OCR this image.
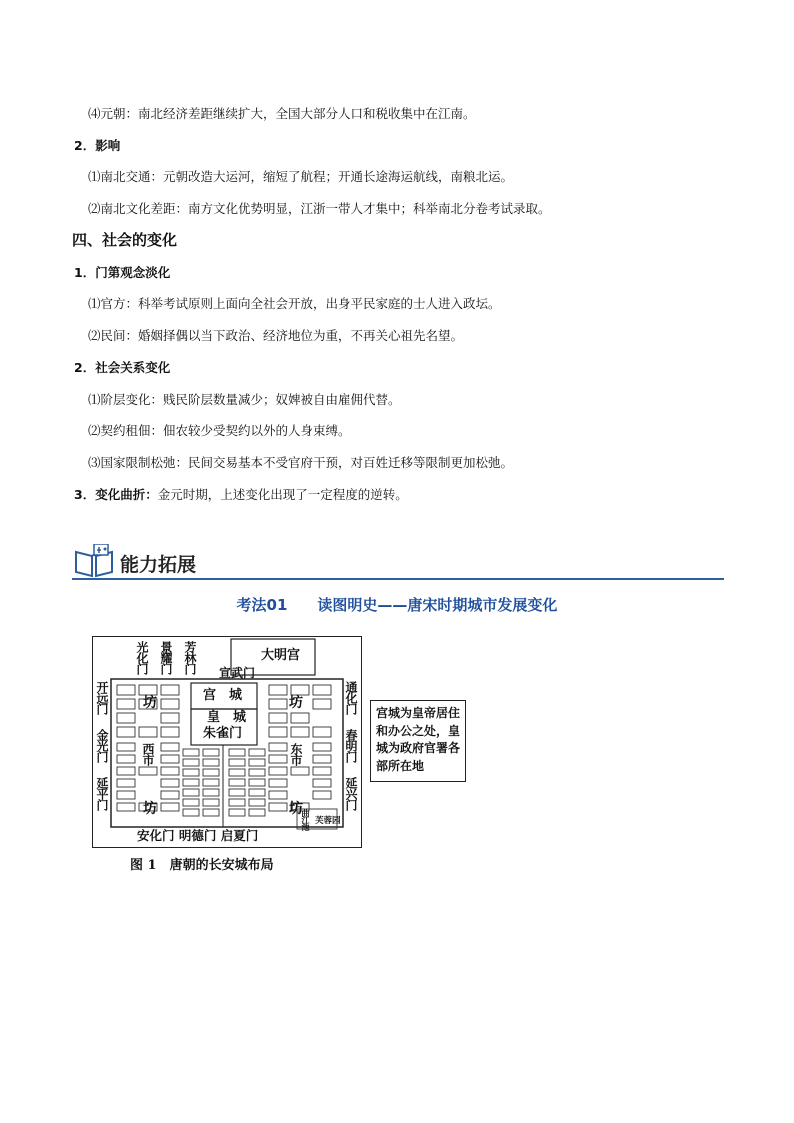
⑷元朝：南北经济差距继续扩大，全国大部分人口和税收集中在江南。
2．影响
⑴南北交通：元朝改造大运河，缩短了航程；开通长途海运航线，南粮北运。
⑵南北文化差距：南方文化优势明显，江浙一带人才集中；科举南北分卷考试录取。
四、社会的变化
1．门第观念淡化
⑴官方：科举考试原则上面向全社会开放，出身平民家庭的士人进入政坛。
⑵民间：婚姻择偶以当下政治、经济地位为重，不再关心祖先名望。
2．社会关系变化
⑴阶层变化：贱民阶层数量减少；奴婢被自由雇佣代替。
⑵契约租佃：佃农较少受契约以外的人身束缚。
⑶国家限制松弛：民间交易基本不受官府干预，对百姓迁移等限制更加松弛。
3．变化曲折：金元时期，上述变化出现了一定程度的逆转。
能力拓展
考法01　　读图明史——唐宋时期城市发展变化
光化门 景耀门 芳林门	大明宫
宣武门
宫　城
皇　城
朱雀门
开远门
金光门
延平门
通化门
春明门
延兴门
坊	坊
坊	坊
西市	东市
安化门 明德门 启夏门
曲江池 芙蓉园
宫城为皇帝居住和办公之处，皇城为政府官署各部所在地
图 1　唐朝的长安城布局
